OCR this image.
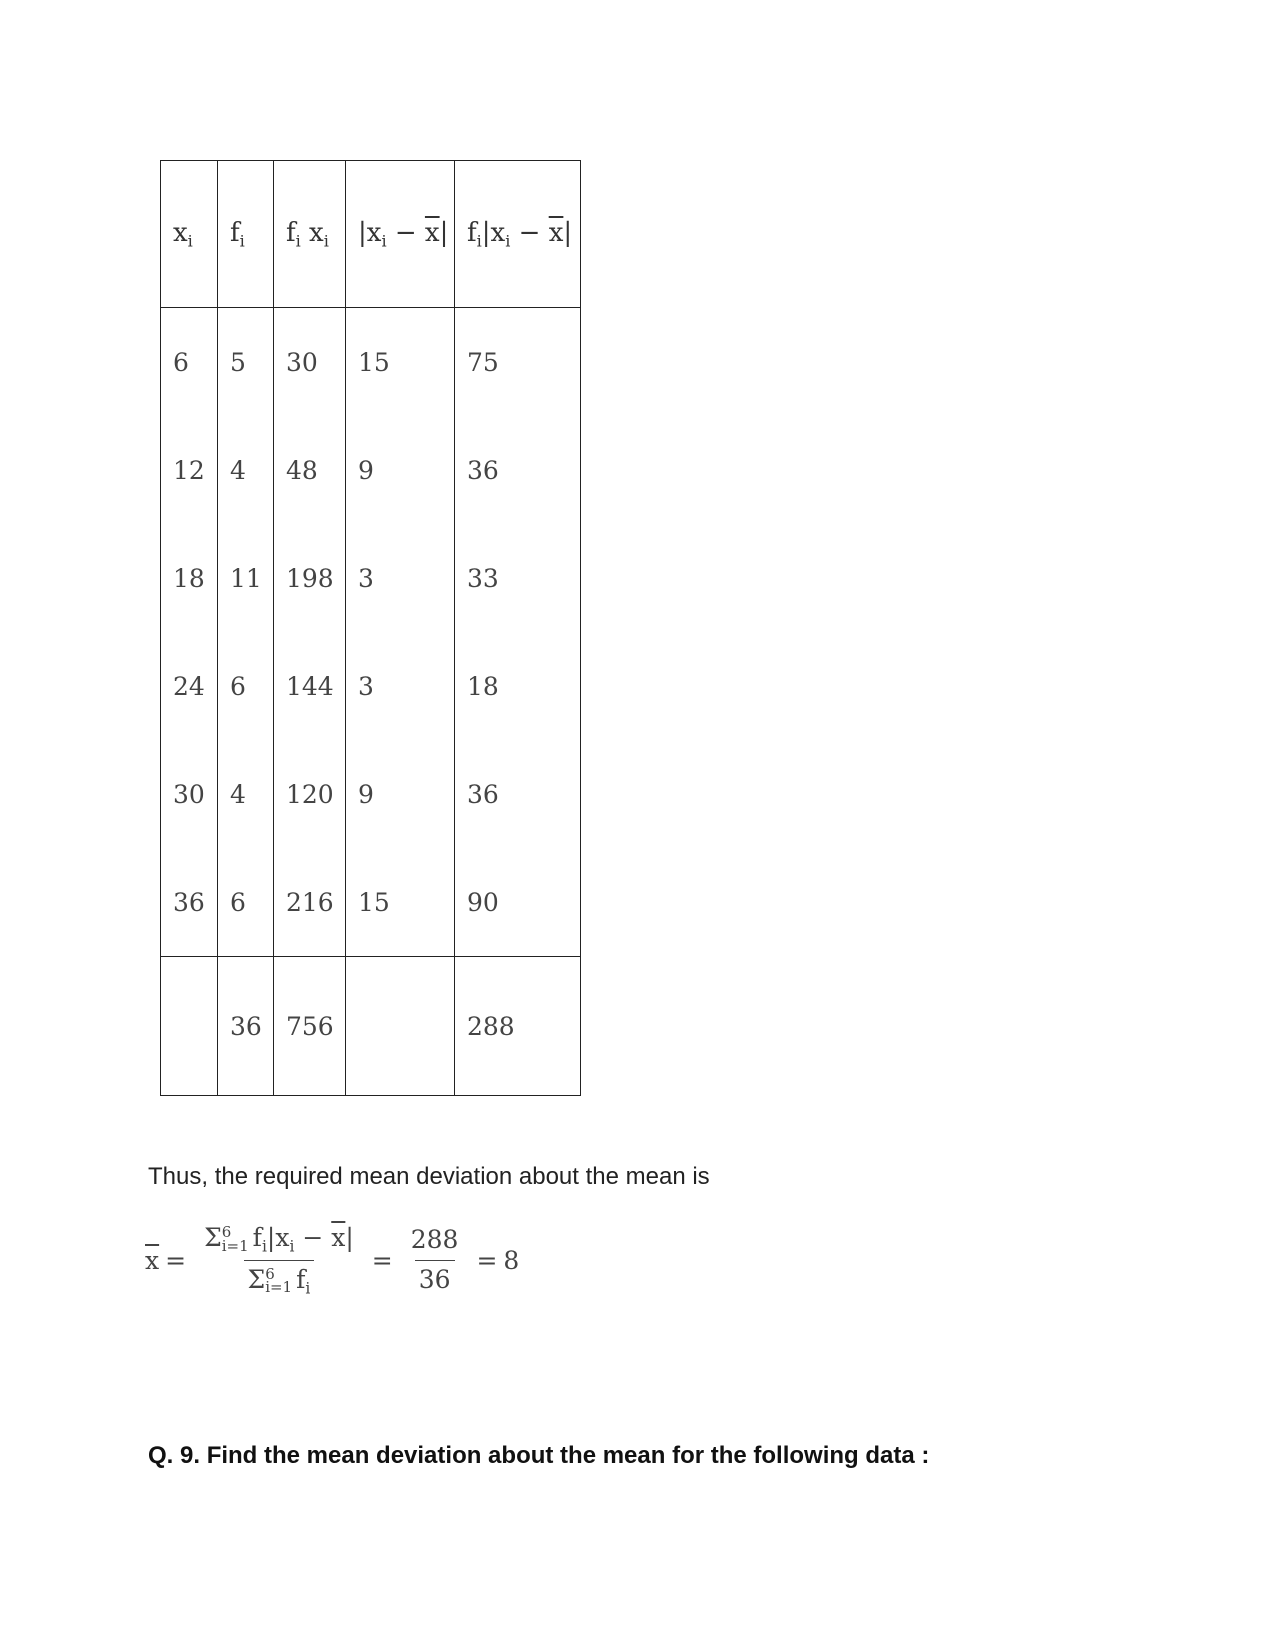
$x_i$	$f_i$	$f_i$ $x_i$	$|x_i - \overline{x}|$	$f_i|x_i - \overline{x}|$
6	5	30	15	75
12	4	48	9	36
18	11	198	3	33
24	6	144	3	18
30	4	120	9	36
36	6	216	15	90
	36	756		288
Thus, the required mean deviation about the mean is
$\overline{x} = \Sigma$ 6
i=1 $f_i|x_i - \overline{x}|$
Σ 6
i=1 $f_i = \frac{288}{36} = 8$
Q. 9. Find the mean deviation about the mean for the following data :
